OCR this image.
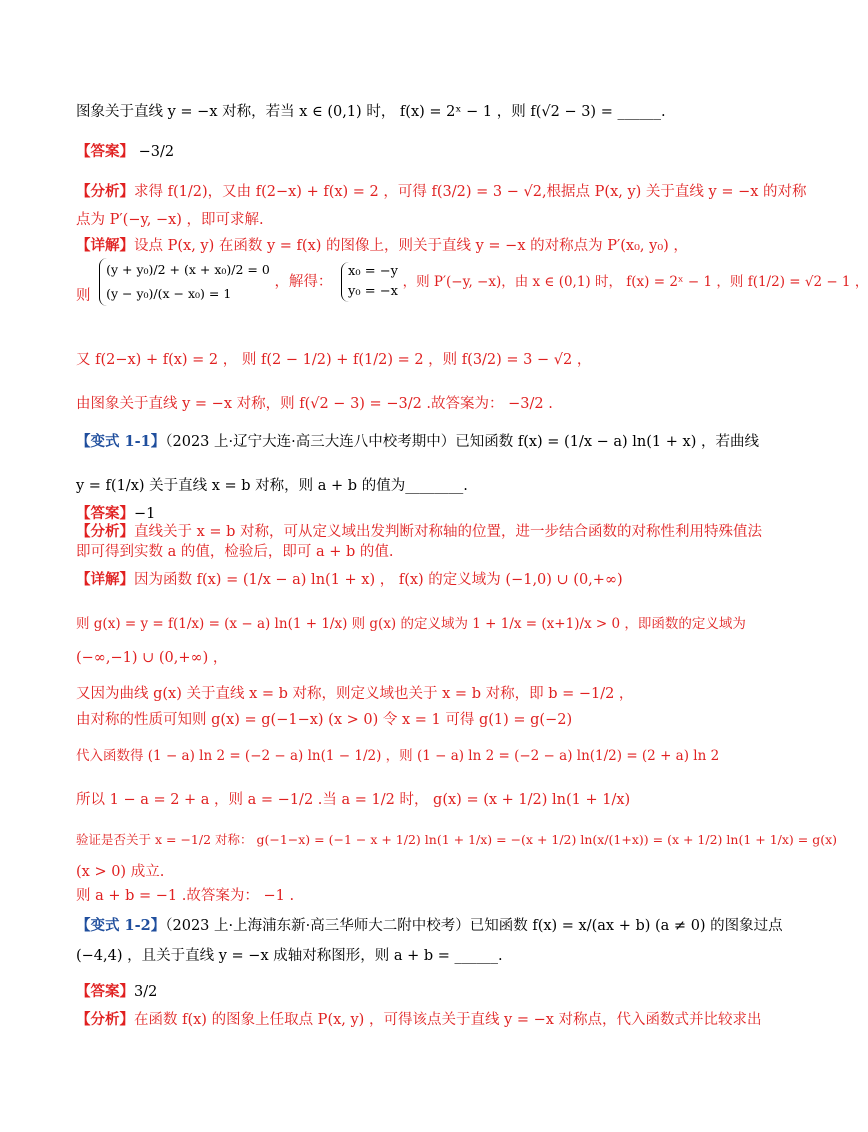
图象关于直线 y = −x 对称，若当 x ∈ (0,1) 时， f(x) = 2ˣ − 1 ，则 f(√2 − 3) = ______.
【答案】 −3/2
【分析】求得 f(1/2)，又由 f(2−x) + f(x) = 2 ，可得 f(3/2) = 3 − √2,根据点 P(x, y) 关于直线 y = −x 的对称
点为 P′(−y, −x) ，即可求解.
【详解】设点 P(x, y) 在函数 y = f(x) 的图像上，则关于直线 y = −x 的对称点为 P′(x₀, y₀) ，
则
(y + y₀)/2 + (x + x₀)/2 = 0
(y − y₀)/(x − x₀) = 1
，解得：
x₀ = −y
y₀ = −x
，则 P′(−y, −x)，由 x ∈ (0,1) 时， f(x) = 2ˣ − 1 ，则 f(1/2) = √2 − 1 ，
又 f(2−x) + f(x) = 2 ， 则 f(2 − 1/2) + f(1/2) = 2 ，则 f(3/2) = 3 − √2 ，
由图象关于直线 y = −x 对称，则 f(√2 − 3) = −3/2 .故答案为： −3/2 .
【变式 1-1】（2023 上·辽宁大连·高三大连八中校考期中）已知函数 f(x) = (1/x − a) ln(1 + x) ，若曲线
y = f(1/x) 关于直线 x = b 对称，则 a + b 的值为________.
【答案】−1
【分析】直线关于 x = b 对称，可从定义域出发判断对称轴的位置，进一步结合函数的对称性利用特殊值法
即可得到实数 a 的值，检验后，即可 a + b 的值.
【详解】因为函数 f(x) = (1/x − a) ln(1 + x) ， f(x) 的定义域为 (−1,0) ∪ (0,+∞)
则 g(x) = y = f(1/x) = (x − a) ln(1 + 1/x) 则 g(x) 的定义域为 1 + 1/x = (x+1)/x > 0 ，即函数的定义域为
(−∞,−1) ∪ (0,+∞) ，
又因为曲线 g(x) 关于直线 x = b 对称，则定义域也关于 x = b 对称，即 b = −1/2 ，
由对称的性质可知则 g(x) = g(−1−x) (x > 0) 令 x = 1 可得 g(1) = g(−2)
代入函数得 (1 − a) ln 2 = (−2 − a) ln(1 − 1/2) ，则 (1 − a) ln 2 = (−2 − a) ln(1/2) = (2 + a) ln 2
所以 1 − a = 2 + a ，则 a = −1/2 .当 a = 1/2 时， g(x) = (x + 1/2) ln(1 + 1/x)
验证是否关于 x = −1/2 对称： g(−1−x) = (−1 − x + 1/2) ln(1 + 1/x) = −(x + 1/2) ln(x/(1+x)) = (x + 1/2) ln(1 + 1/x) = g(x)
(x > 0) 成立.
则 a + b = −1 .故答案为： −1 .
【变式 1-2】（2023 上·上海浦东新·高三华师大二附中校考）已知函数 f(x) = x/(ax + b) (a ≠ 0) 的图象过点
(−4,4) ，且关于直线 y = −x 成轴对称图形，则 a + b = ______.
【答案】3/2
【分析】在函数 f(x) 的图象上任取点 P(x, y) ，可得该点关于直线 y = −x 对称点，代入函数式并比较求出
